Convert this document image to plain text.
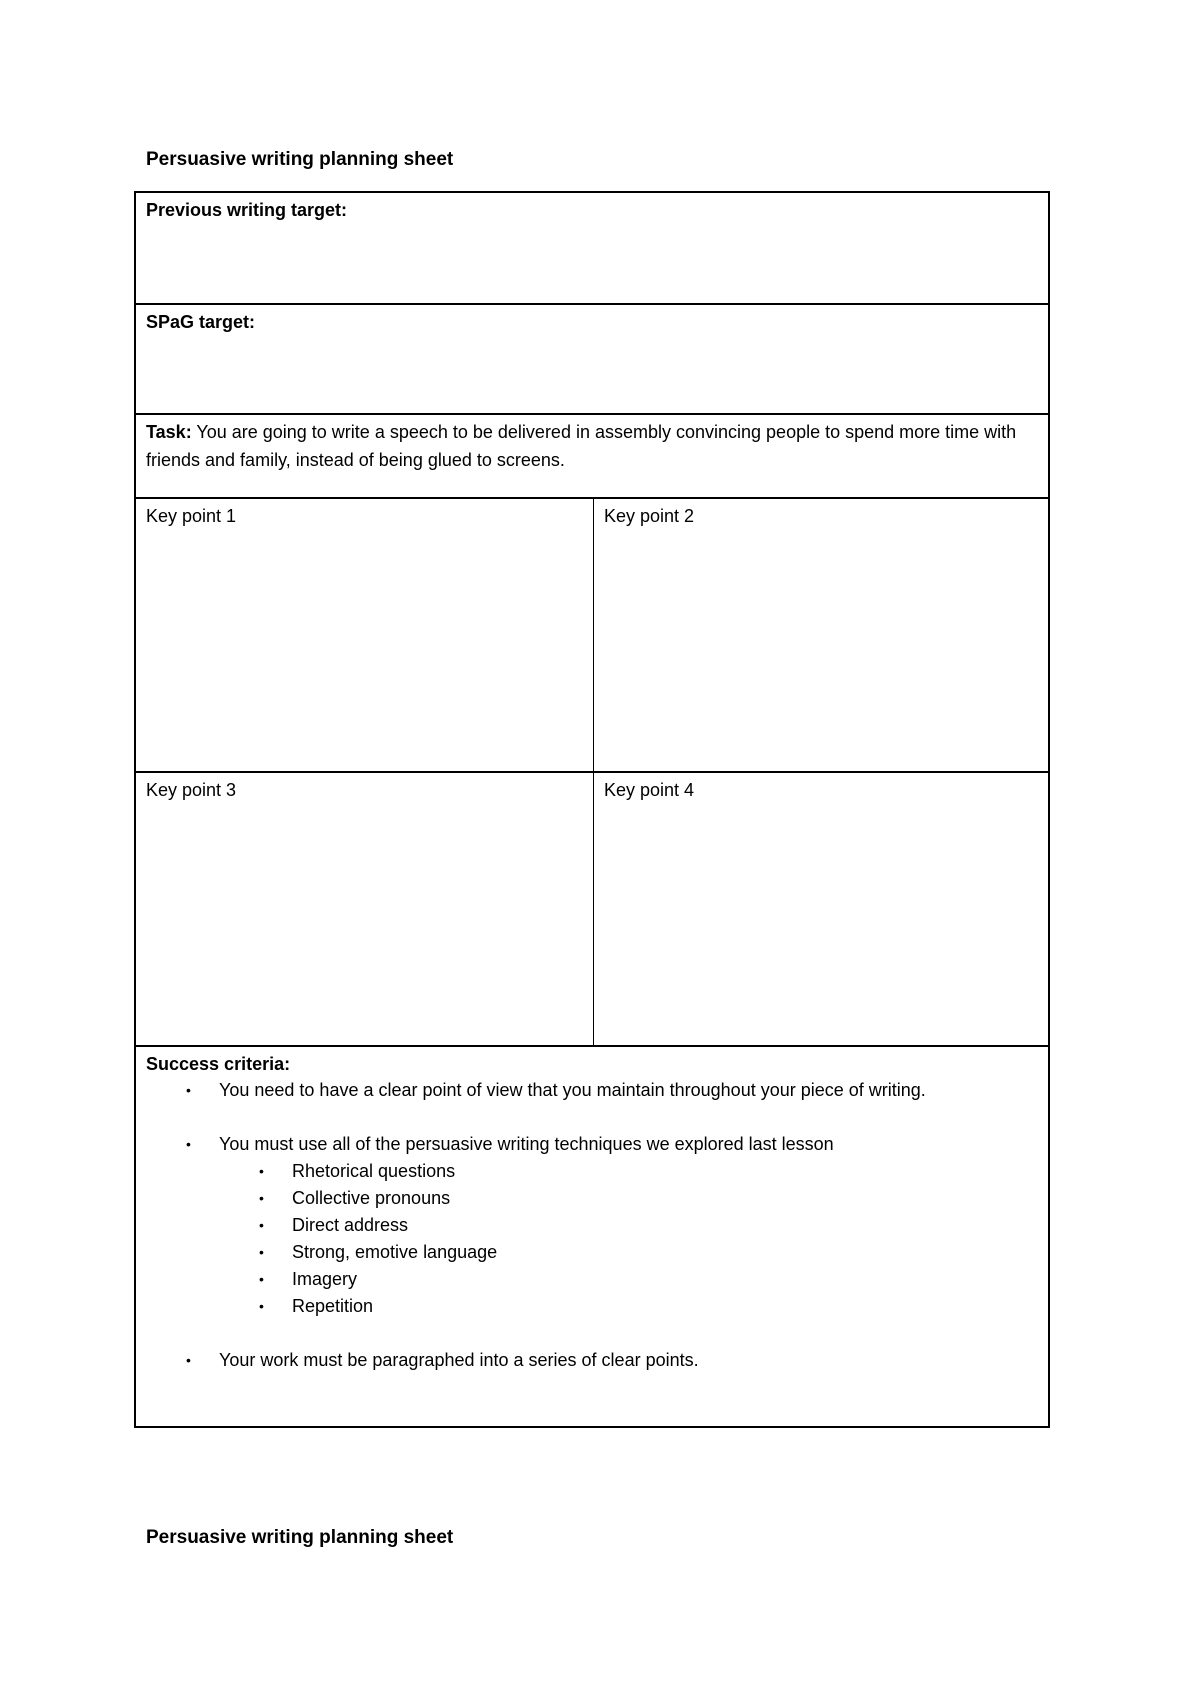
Persuasive writing planning sheet
Previous writing target:
SPaG target:
Task: You are going to write a speech to be delivered in assembly convincing people to spend more time with friends and family, instead of being glued to screens.
Key point 1	Key point 2
Key point 3	Key point 4
Success criteria:
• You need to have a clear point of view that you maintain throughout your piece of writing.
• You must use all of the persuasive writing techniques we explored last lesson
• Rhetorical questions
• Collective pronouns
• Direct address
• Strong, emotive language
• Imagery
• Repetition
• Your work must be paragraphed into a series of clear points.
Persuasive writing planning sheet
